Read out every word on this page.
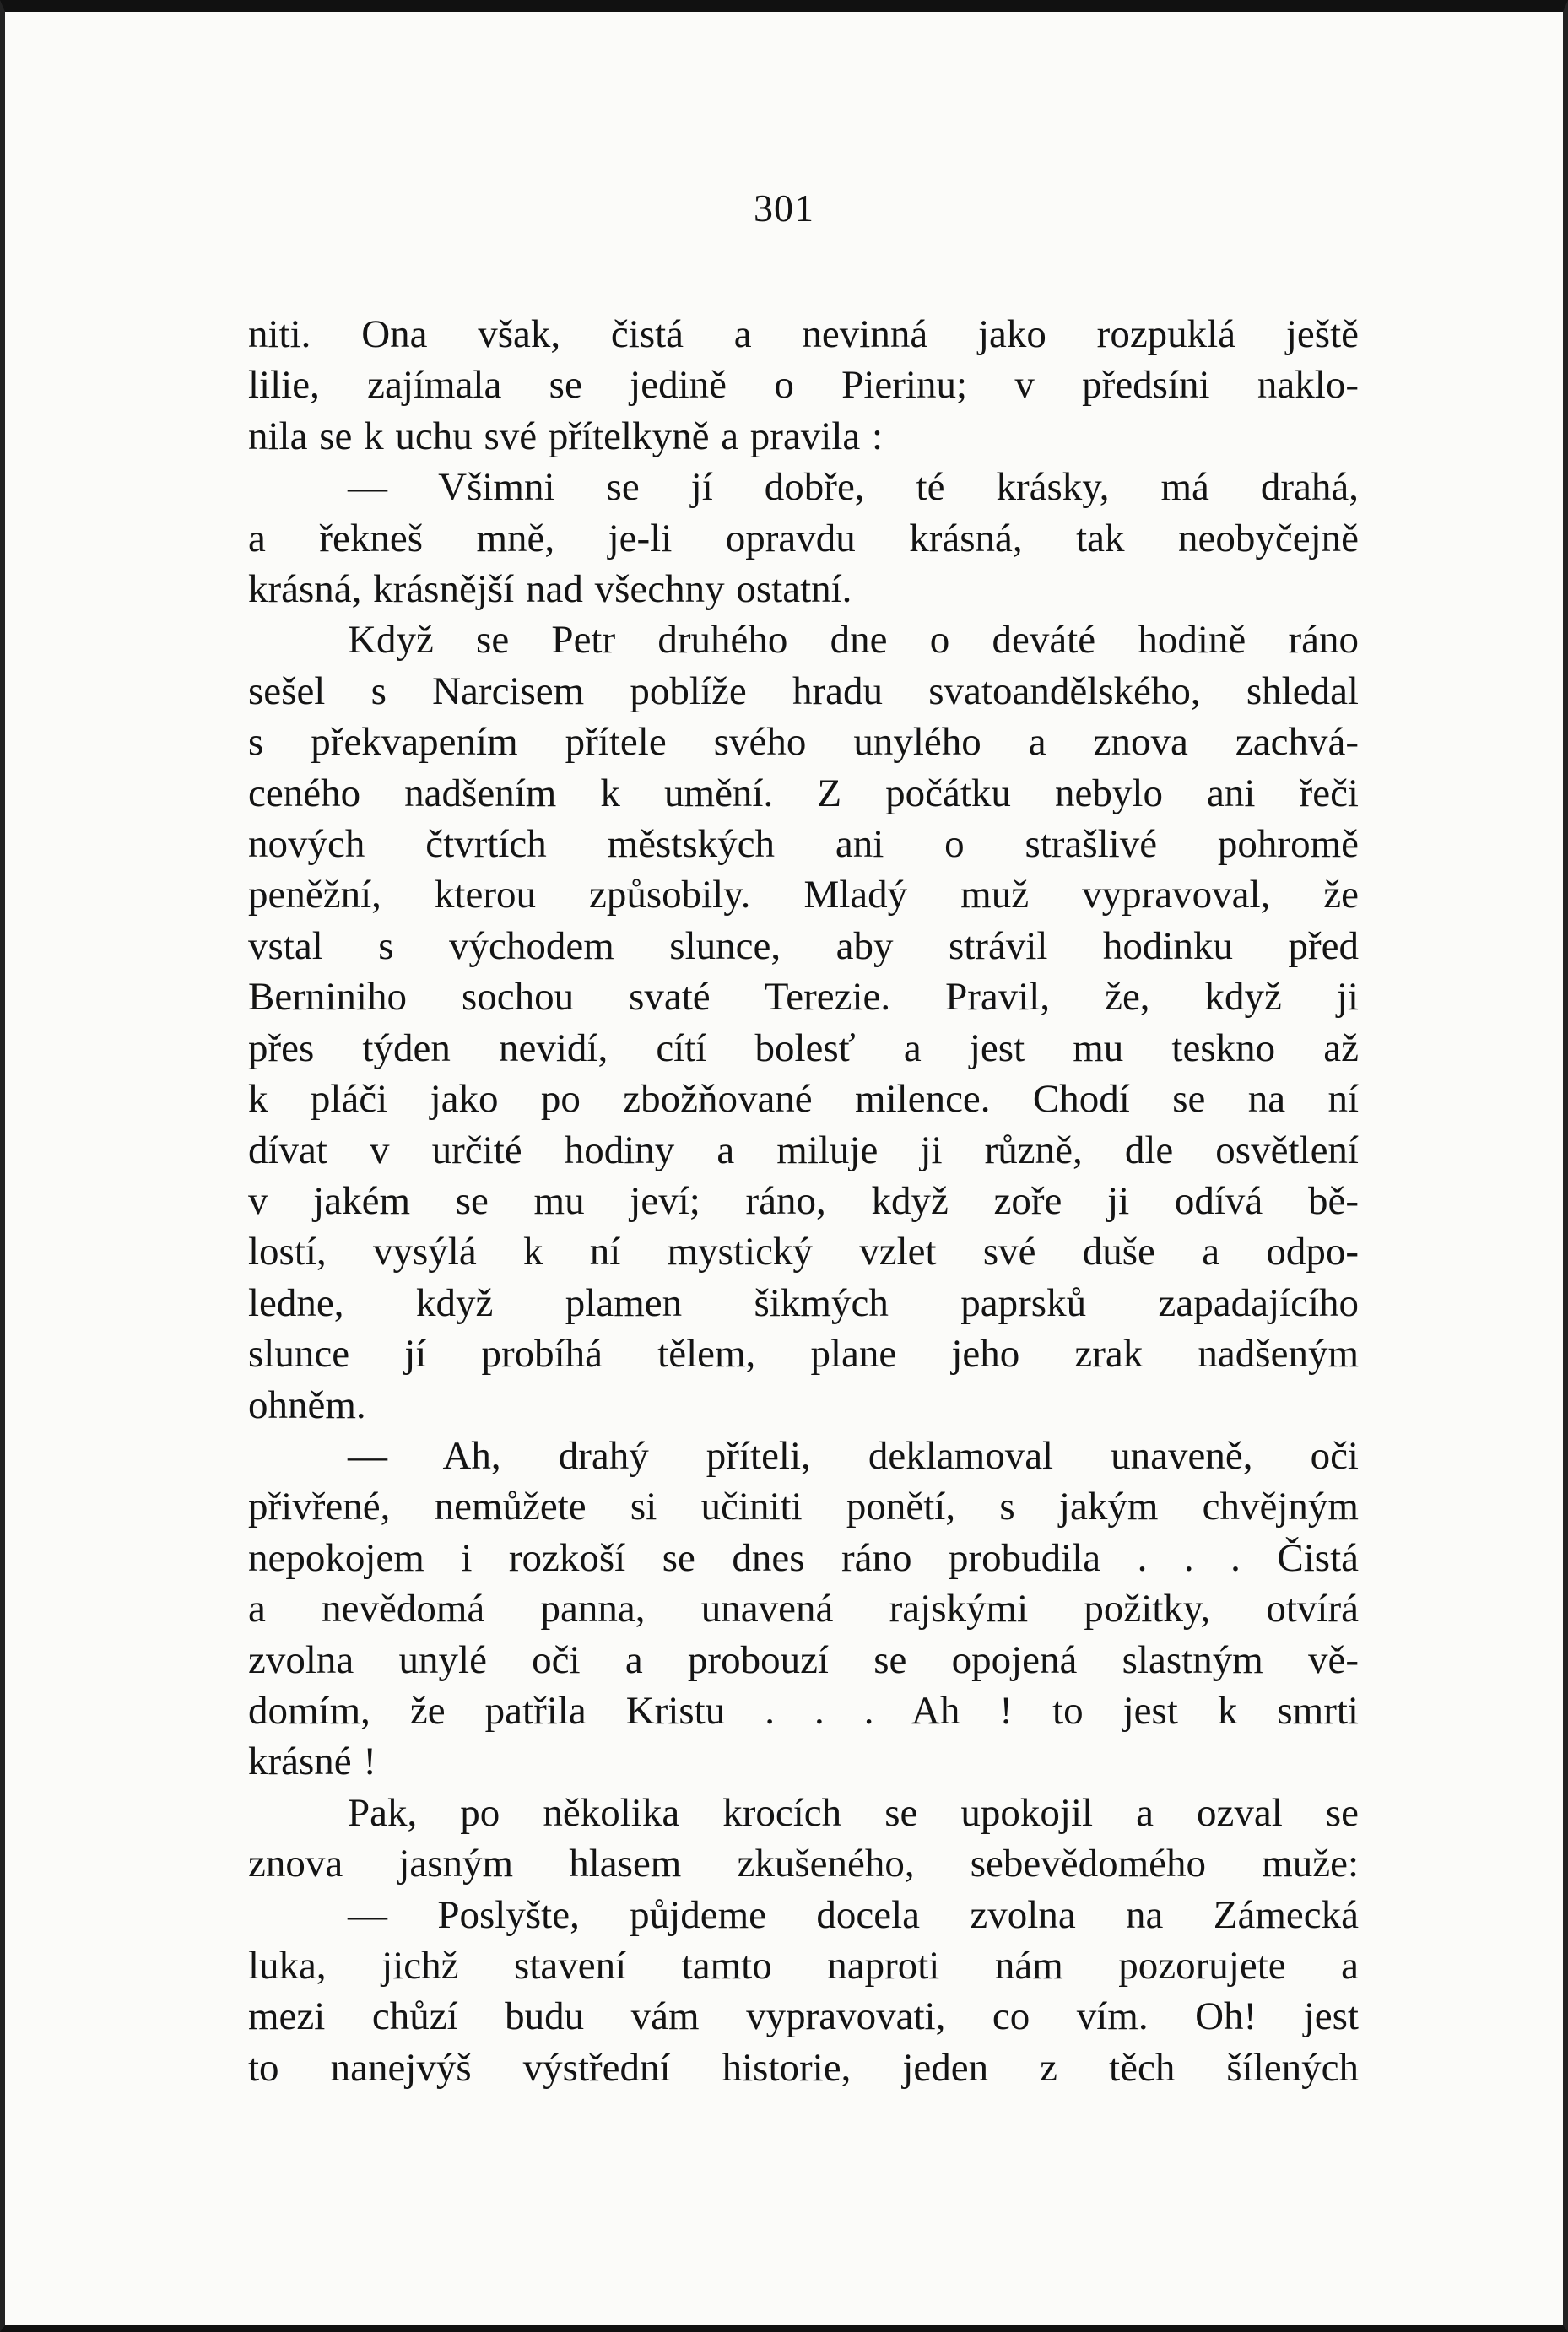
301
niti. Ona však, čistá a nevinná jako rozpuklá ještě
lilie, zajímala se jedině o Pierinu; v předsíni naklo-
nila se k uchu své přítelkyně a pravila :
— Všimni se jí dobře, té krásky, má drahá,
a řekneš mně, je-li opravdu krásná, tak neobyčejně
krásná, krásnější nad všechny ostatní.
Když se Petr druhého dne o deváté hodině ráno
sešel s Narcisem poblíže hradu svatoandělského, shledal
s překvapením přítele svého unylého a znova zachvá-
ceného nadšením k umění. Z počátku nebylo ani řeči
nových čtvrtích městských ani o strašlivé pohromě
peněžní, kterou způsobily. Mladý muž vypravoval, že
vstal s východem slunce, aby strávil hodinku před
Berniniho sochou svaté Terezie. Pravil, že, když ji
přes týden nevidí, cítí bolesť a jest mu teskno až
k pláči jako po zbožňované milence. Chodí se na ní
dívat v určité hodiny a miluje ji různě, dle osvětlení
v jakém se mu jeví; ráno, když zoře ji odívá bě-
lostí, vysýlá k ní mystický vzlet své duše a odpo-
ledne, když plamen šikmých paprsků zapadajícího
slunce jí probíhá tělem, plane jeho zrak nadšeným
ohněm.
— Ah, drahý příteli, deklamoval unaveně, oči
přivřené, nemůžete si učiniti ponětí, s jakým chvějným
nepokojem i rozkoší se dnes ráno probudila . . . Čistá
a nevědomá panna, unavená rajskými požitky, otvírá
zvolna unylé oči a probouzí se opojená slastným vě-
domím, že patřila Kristu . . . Ah ! to jest k smrti
krásné !
Pak, po několika krocích se upokojil a ozval se
znova jasným hlasem zkušeného, sebevědomého muže:
— Poslyšte, půjdeme docela zvolna na Zámecká
luka, jichž stavení tamto naproti nám pozorujete a
mezi chůzí budu vám vypravovati, co vím. Oh! jest
to nanejvýš výstřední historie, jeden z těch šílených
